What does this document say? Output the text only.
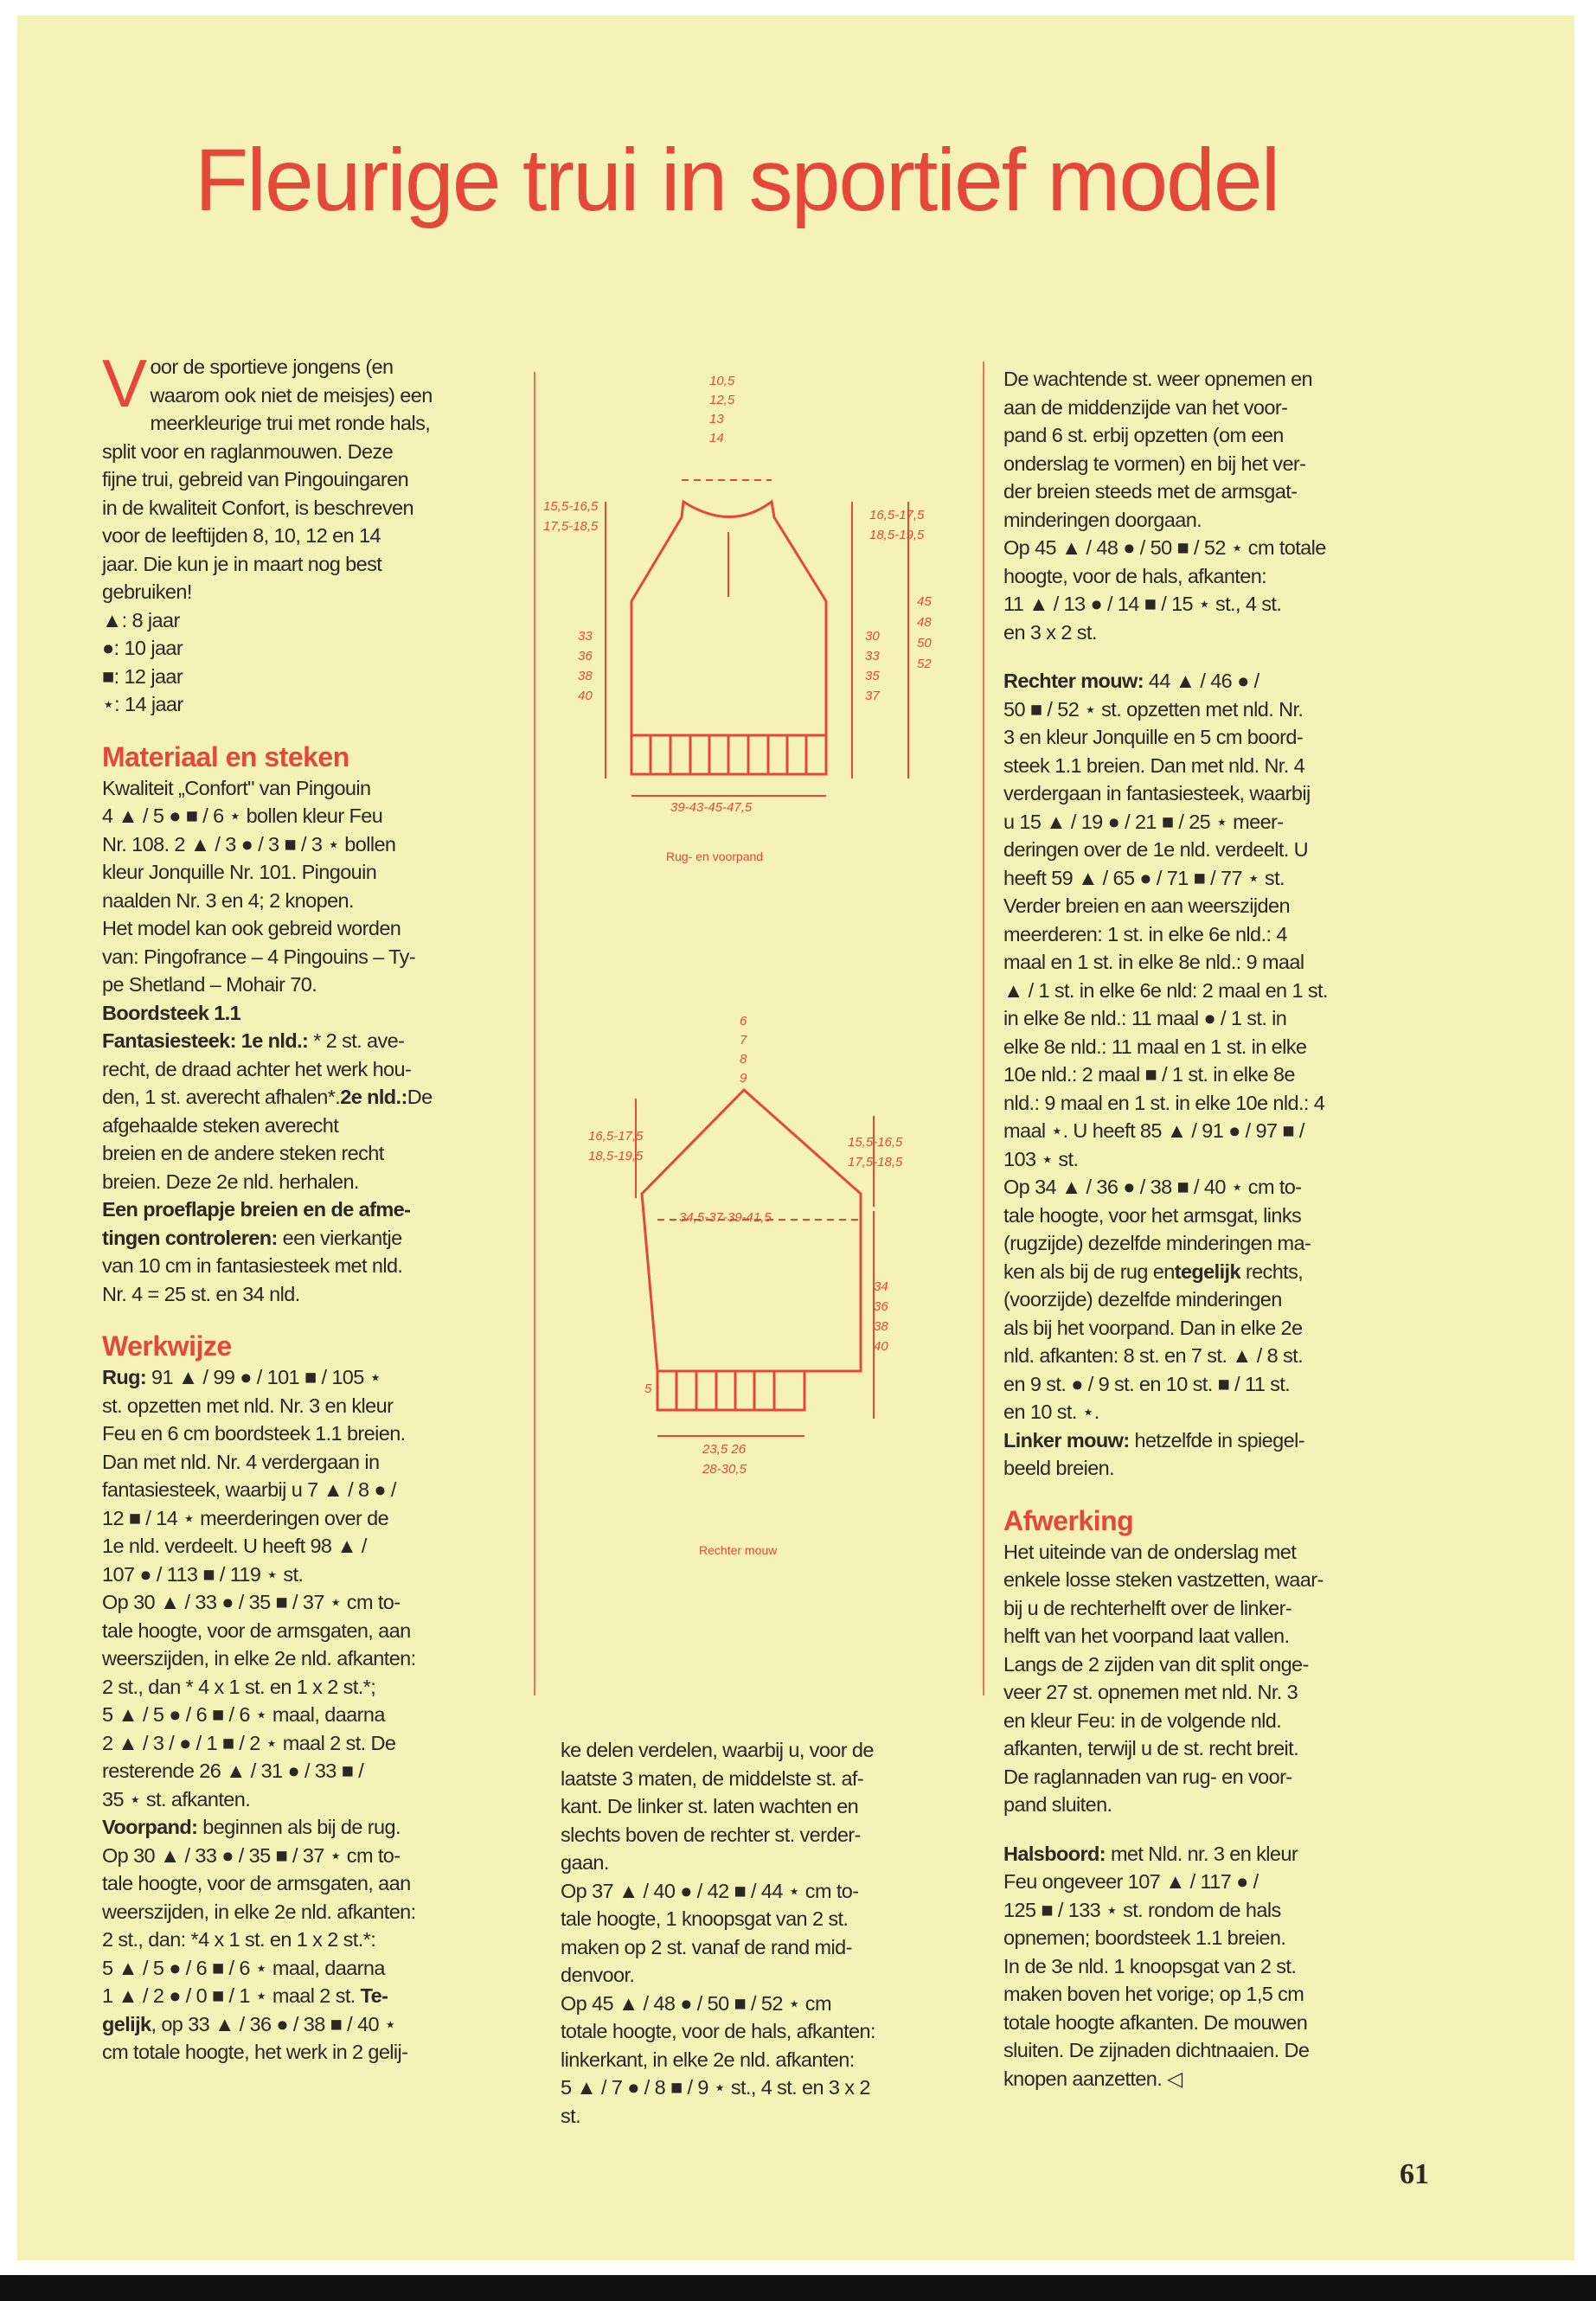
Fleurige trui in sportief model
V oor de sportieve jongens (en
waarom ook niet de meisjes) een
meerkleurige trui met ronde hals,
split voor en raglanmouwen. Deze
fijne trui, gebreid van Pingouingaren
in de kwaliteit Confort, is beschreven
voor de leeftijden 8, 10, 12 en 14
jaar. Die kun je in maart nog best
gebruiken!
▲: 8 jaar
●: 10 jaar
■: 12 jaar
⋆: 14 jaar
Materiaal en steken
Kwaliteit „Confort" van Pingouin
4 ▲ / 5 ● ■ / 6 ⋆ bollen kleur Feu
Nr. 108. 2 ▲ / 3 ● / 3 ■ / 3 ⋆ bollen
kleur Jonquille Nr. 101. Pingouin
naalden Nr. 3 en 4; 2 knopen.
Het model kan ook gebreid worden
van: Pingofrance – 4 Pingouins – Ty-
pe Shetland – Mohair 70.

Boordsteek 1.1

Fantasiesteek: 1e nld.: * 2 st. ave-
recht, de draad achter het werk hou-
den, 1 st. averecht afhalen*.2e nld.:De afgehaalde steken averecht
breien en de andere steken recht
breien. Deze 2e nld. herhalen.
Een proeflapje breien en de afme-
tingen controleren: een vierkantje
van 10 cm in fantasiesteek met nld.
Nr. 4 = 25 st. en 34 nld.
Werkwijze
Rug: 91 ▲ / 99 ● / 101 ■ / 105 ⋆
st. opzetten met nld. Nr. 3 en kleur
Feu en 6 cm boordsteek 1.1 breien.
Dan met nld. Nr. 4 verdergaan in
fantasiesteek, waarbij u 7 ▲ / 8 ● /
12 ■ / 14 ⋆ meerderingen over de
1e nld. verdeelt. U heeft 98 ▲ /
107 ● / 113 ■ / 119 ⋆ st.
Op 30 ▲ / 33 ● / 35 ■ / 37 ⋆ cm to-
tale hoogte, voor de armsgaten, aan
weerszijden, in elke 2e nld. afkanten:
2 st., dan * 4 x 1 st. en 1 x 2 st.*;
5 ▲ / 5 ● / 6 ■ / 6 ⋆ maal, daarna
2 ▲ / 3 / ● / 1 ■ / 2 ⋆ maal 2 st. De
resterende 26 ▲ / 31 ● / 33 ■ /
35 ⋆ st. afkanten.
Voorpand: beginnen als bij de rug.
Op 30 ▲ / 33 ● / 35 ■ / 37 ⋆ cm to-
tale hoogte, voor de armsgaten, aan
weerszijden, in elke 2e nld. afkanten:
2 st., dan: *4 x 1 st. en 1 x 2 st.*:
5 ▲ / 5 ● / 6 ■ / 6 ⋆ maal, daarna
1 ▲ / 2 ● / 0 ■ / 1 ⋆ maal 2 st. Te-
gelijk, op 33 ▲ / 36 ● / 38 ■ / 40 ⋆
cm totale hoogte, het werk in 2 gelij-
ke delen verdelen, waarbij u, voor de
laatste 3 maten, de middelste st. af-
kant. De linker st. laten wachten en
slechts boven de rechter st. verder-
gaan.
Op 37 ▲ / 40 ● / 42 ■ / 44 ⋆ cm to-
tale hoogte, 1 knoopsgat van 2 st.
maken op 2 st. vanaf de rand mid-
denvoor.
Op 45 ▲ / 48 ● / 50 ■ / 52 ⋆ cm
totale hoogte, voor de hals, afkanten:
linkerkant, in elke 2e nld. afkanten:
5 ▲ / 7 ● / 8 ■ / 9 ⋆ st., 4 st. en 3 x 2
st.
De wachtende st. weer opnemen en
aan de middenzijde van het voor-
pand 6 st. erbij opzetten (om een
onderslag te vormen) en bij het ver-
der breien steeds met de armsgat-
minderingen doorgaan.
Op 45 ▲ / 48 ● / 50 ■ / 52 ⋆ cm totale
hoogte, voor de hals, afkanten:
11 ▲ / 13 ● / 14 ■ / 15 ⋆ st., 4 st.
en 3 x 2 st.
Rechter mouw: 44 ▲ / 46 ● /
50 ■ / 52 ⋆ st. opzetten met nld. Nr.
3 en kleur Jonquille en 5 cm boord-
steek 1.1 breien. Dan met nld. Nr. 4
verdergaan in fantasiesteek, waarbij
u 15 ▲ / 19 ● / 21 ■ / 25 ⋆ meer-
deringen over de 1e nld. verdeelt. U
heeft 59 ▲ / 65 ● / 71 ■ / 77 ⋆ st.
Verder breien en aan weerszijden
meerderen: 1 st. in elke 6e nld.: 4
maal en 1 st. in elke 8e nld.: 9 maal
▲ / 1 st. in elke 6e nld: 2 maal en 1 st.
in elke 8e nld.: 11 maal ● / 1 st. in
elke 8e nld.: 11 maal en 1 st. in elke
10e nld.: 2 maal ■ / 1 st. in elke 8e
nld.: 9 maal en 1 st. in elke 10e nld.: 4
maal ⋆. U heeft 85 ▲ / 91 ● / 97 ■ /
103 ⋆ st.
Op 34 ▲ / 36 ● / 38 ■ / 40 ⋆ cm to-
tale hoogte, voor het armsgat, links
(rugzijde) dezelfde minderingen ma-
ken als bij de rug entegelijk rechts,
(voorzijde) dezelfde minderingen
als bij het voorpand. Dan in elke 2e
nld. afkanten: 8 st. en 7 st. ▲ / 8 st.
en 9 st. ● / 9 st. en 10 st. ■ / 11 st.
en 10 st. ⋆.
Linker mouw: hetzelfde in spiegel-
beeld breien.
Afwerking
Het uiteinde van de onderslag met
enkele losse steken vastzetten, waar-
bij u de rechterhelft over de linker-
helft van het voorpand laat vallen.
Langs de 2 zijden van dit split onge-
veer 27 st. opnemen met nld. Nr. 3
en kleur Feu: in de volgende nld.
afkanten, terwijl u de st. recht breit.
De raglannaden van rug- en voor-
pand sluiten.
Halsboord: met Nld. nr. 3 en kleur
Feu ongeveer 107 ▲ / 117 ● /
125 ■ / 133 ⋆ st. rondom de hals
opnemen; boordsteek 1.1 breien.
In de 3e nld. 1 knoopsgat van 2 st.
maken boven het vorige; op 1,5 cm
totale hoogte afkanten. De mouwen
sluiten. De zijnaden dichtnaaien. De
knopen aanzetten. ◁
10,5
12,5
13
14
15,5-16,5
17,5-18,5
16,5-17,5
18,5-19,5
45
48
50
52
33
36
38
40
30
33
35
37
39-43-45-47,5
Rug- en voorpand
6
7
8
9
16,5-17,5
18,5-19,5
15,5-16,5
17,5-18,5
34,5-37-39-41,5
34
36
38
40
5
23,5 26
28-30,5
Rechter mouw
61
